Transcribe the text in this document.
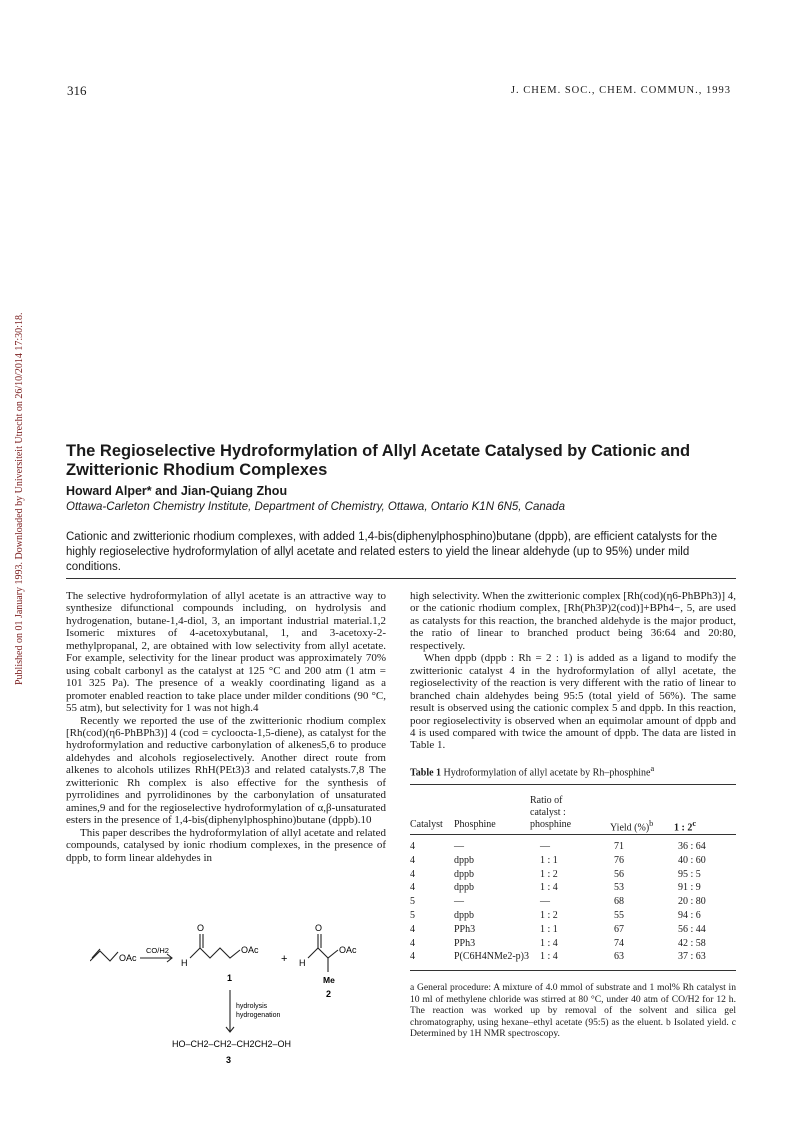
316	J. CHEM. SOC., CHEM. COMMUN., 1993
Published on 01 January 1993. Downloaded by Universiteit Utrecht on 26/10/2014 17:30:18. The Regioselective Hydroformylation of Allyl Acetate Catalysed by Cationic and Zwitterionic Rhodium Complexes
Howard Alper* and Jian-Quiang Zhou
Ottawa-Carleton Chemistry Institute, Department of Chemistry, Ottawa, Ontario K1N 6N5, Canada
Cationic and zwitterionic rhodium complexes, with added 1,4-bis(diphenylphosphino)butane (dppb), are efficient catalysts for the highly regioselective hydroformylation of allyl acetate and related esters to yield the linear aldehyde (up to 95%) under mild conditions.

The selective hydroformylation of allyl acetate is an attractive way to synthesize difunctional compounds including, on hydrolysis and hydrogenation, butane-1,4-diol, 3, an important industrial material.1,2 Isomeric mixtures of 4-acetoxybutanal, 1, and 3-acetoxy-2-methylpropanal, 2, are obtained with low selectivity from allyl acetate. For example, selectivity for the linear product was approximately 70% using cobalt carbonyl as the catalyst at 125 °C and 200 atm (1 atm = 101 325 Pa). The presence of a weakly coordinating ligand as a promoter enabled reaction to take place under milder conditions (90 °C, 55 atm), but selectivity for 1 was not high.4

Recently we reported the use of the zwitterionic rhodium complex [Rh(cod)(η6-PhBPh3)] 4 (cod = cycloocta-1,5-diene), as catalyst for the hydroformylation and reductive carbonylation of alkenes5,6 to produce aldehydes and alcohols regioselectively. Another direct route from alkenes to alcohols utilizes RhH(PEt3)3 and related catalysts.7,8 The zwitterionic Rh complex is also effective for the synthesis of pyrrolidines and pyrrolidinones by the carbonylation of unsaturated amines,9 and for the regioselective hydroformylation of α,β-unsaturated esters in the presence of 1,4-bis(diphenylphosphino)butane (dppb).10

This paper describes the hydroformylation of allyl acetate and related compounds, catalysed by ionic rhodium complexes, in the presence of dppb, to form linear aldehydes in

high selectivity. When the zwitterionic complex [Rh(cod)(η6-PhBPh3)] 4, or the cationic rhodium complex, [Rh(Ph3P)2(cod)]+BPh4−, 5, are used as catalysts for this reaction, the branched aldehyde is the major product, the ratio of linear to branched product being 36:64 and 20:80, respectively.

When dppb (dppb : Rh = 2 : 1) is added as a ligand to modify the zwitterionic catalyst 4 in the hydroformylation of allyl acetate, the regioselectivity of the reaction is very different with the ratio of linear to branched chain aldehydes being 95:5 (total yield of 56%). The same result is observed using the cationic complex 5 and dppb. In this reaction, poor regioselectivity is observed when an equimolar amount of dppb and 4 is used compared with twice the amount of dppb. The data are listed in Table 1.

OAc
CO/H2
H
O
OAc
+ H
O
OAc
Me
1
2
hydrolysis
hydrogenation
HO–CH2–CH2–CH2CH2–OH
3
Table 1 Hydroformylation of allyl acetate by Rh–phosphine$^a$
Ratio of
catalyst :
Catalyst Phosphine	phosphine	Yield (%)$^b$ 1 : 2$^c$
4	—	—	71	36 : 64
4	dppb	1 : 1	76	40 : 60
4	dppb	1 : 2	56	95 : 5
4	dppb	1 : 4	53	91 : 9
5	—	—	68	20 : 80
5	dppb	1 : 2	55	94 : 6
4	PPh3	1 : 1	67	56 : 44
4	PPh3	1 : 4	74	42 : 58
4	P(C6H4NMe2-p)3 1 : 4	63	37 : 63
a General procedure: A mixture of 4.0 mmol of substrate and 1 mol% Rh catalyst in 10 ml of methylene chloride was stirred at 80 °C, under 40 atm of CO/H2 for 12 h. The reaction was worked up by removal of the solvent and silica gel chromatography, using hexane–ethyl acetate (95:5) as the eluent. b Isolated yield. c Determined by 1H NMR spectroscopy.
